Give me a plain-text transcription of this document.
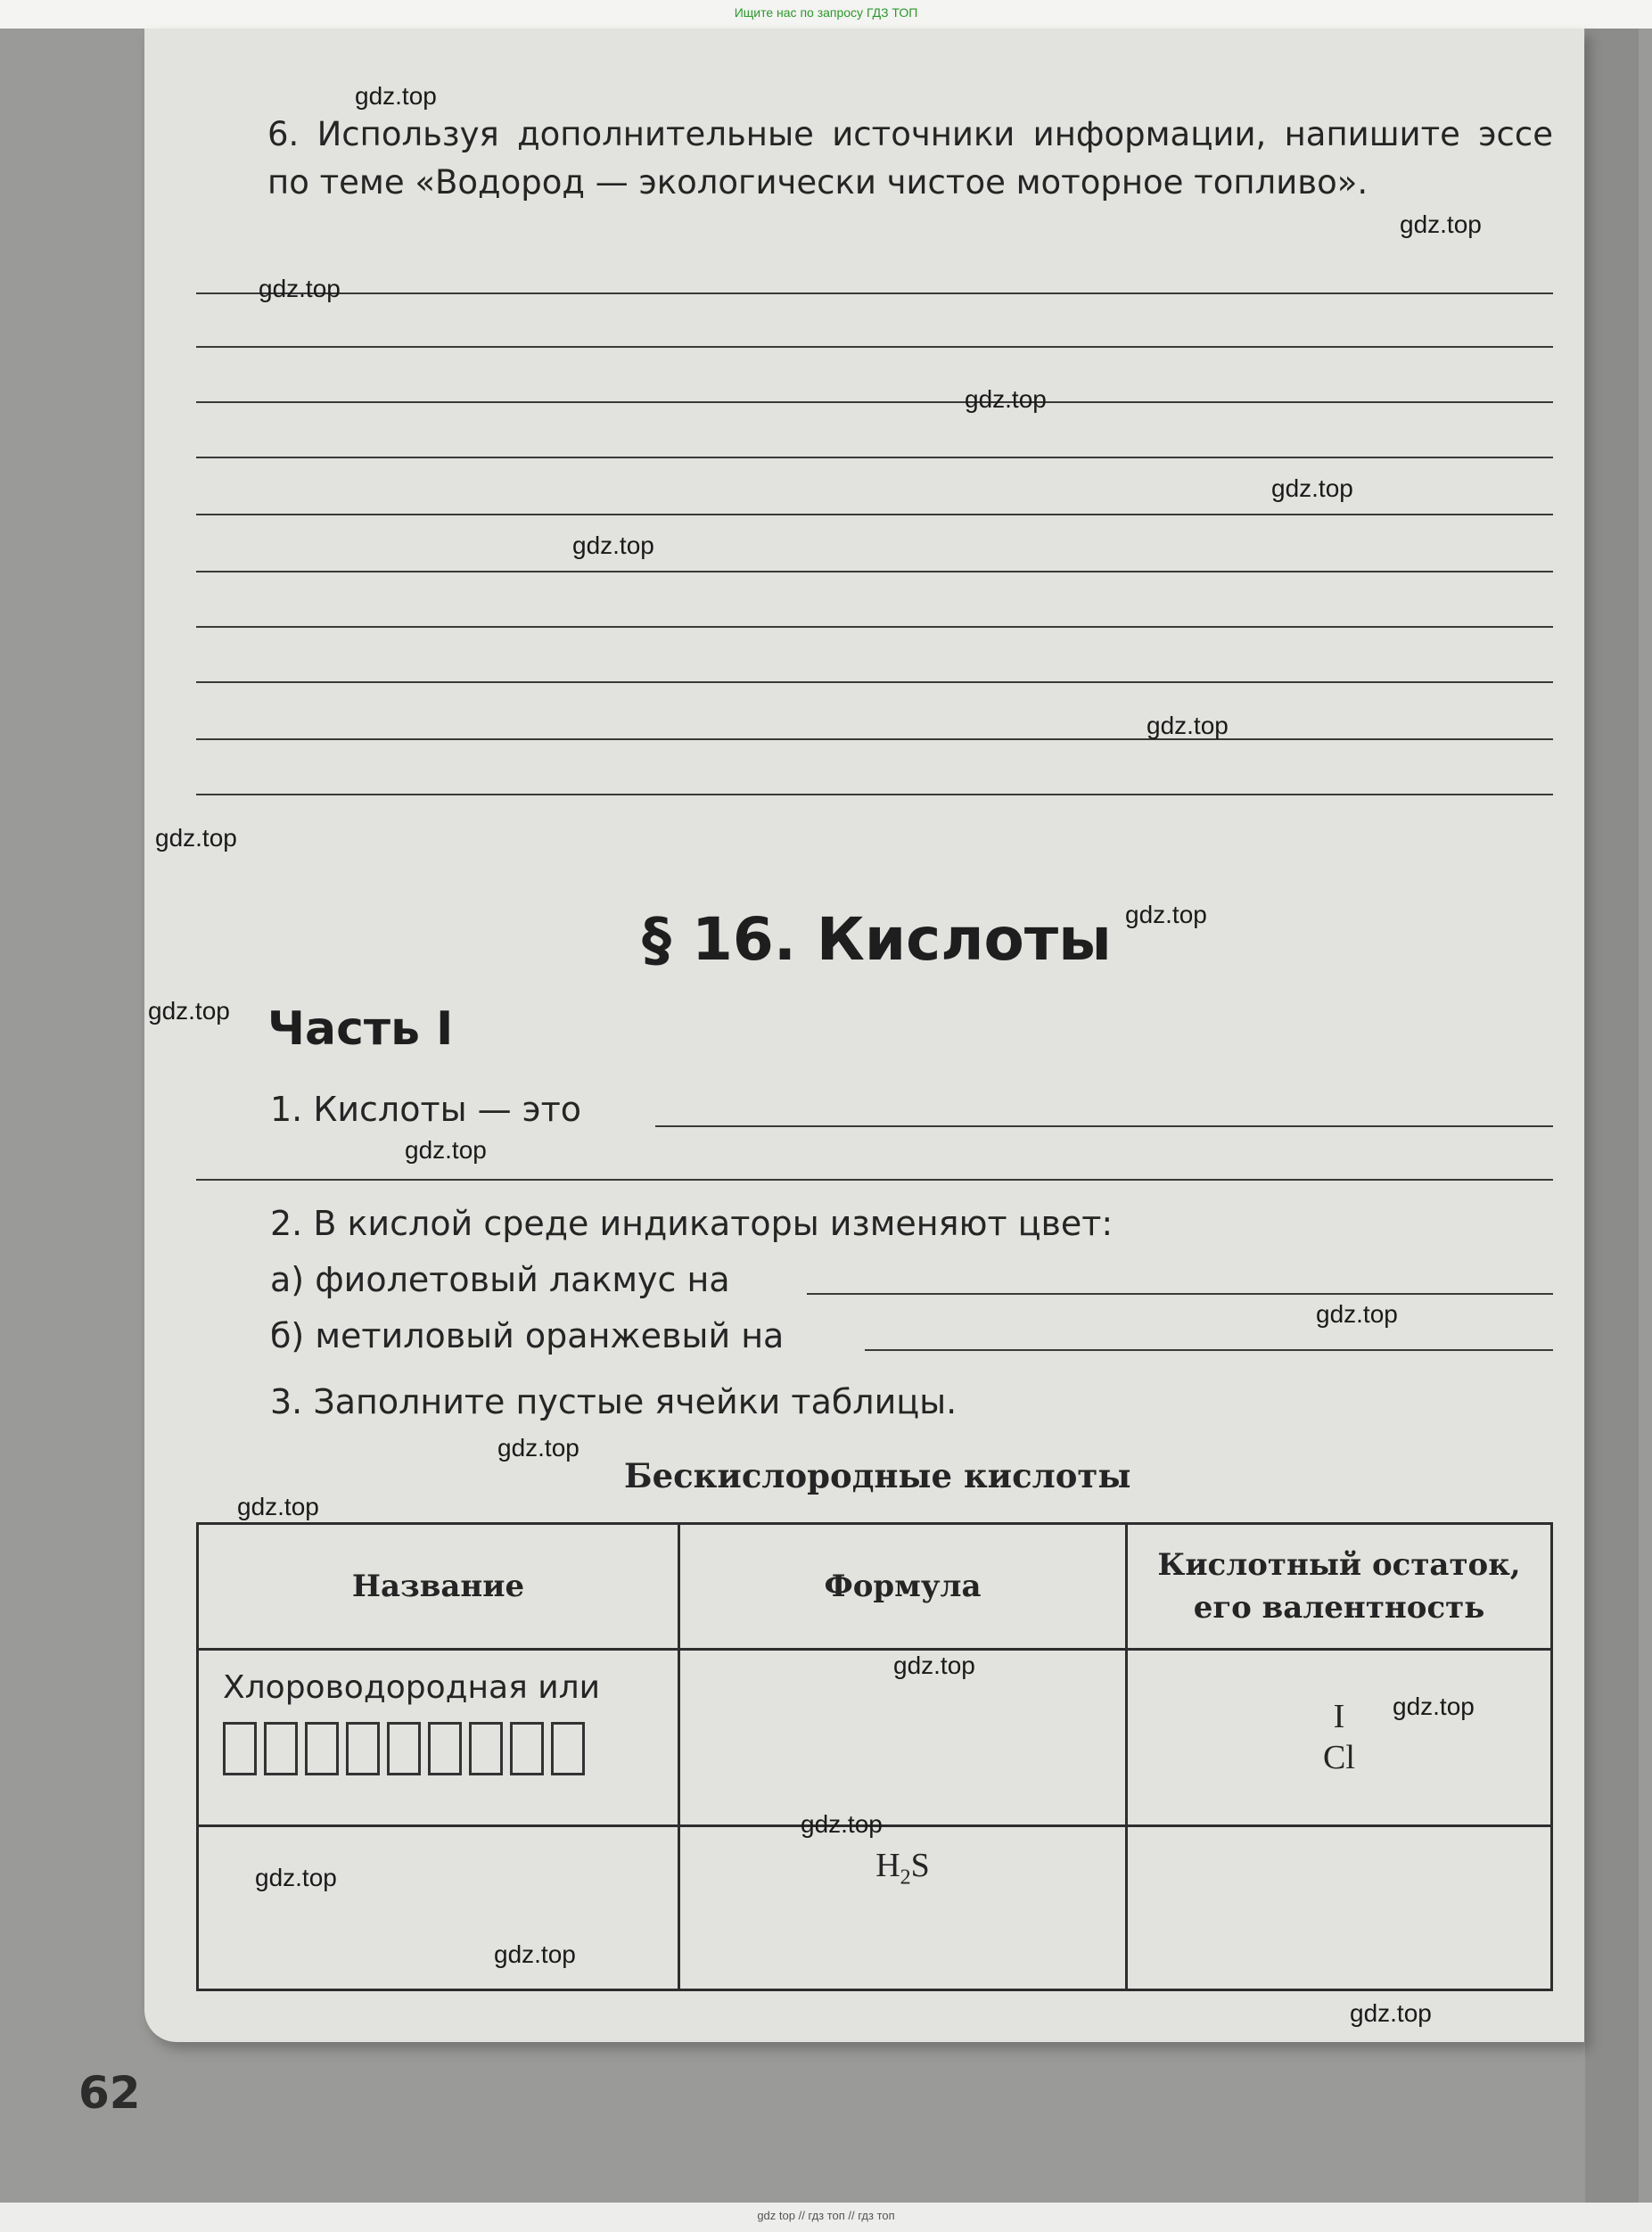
Ищите нас по запросу ГДЗ ТОП
6. Используя дополнительные источники информации, напишите эссе по теме «Водород — экологически чистое моторное топливо».
§ 16. Кислоты
Часть I
1. Кислоты — это
2. В кислой среде индикаторы изменяют цвет:
а) фиолетовый лакмус на
б) метиловый оранжевый на
3. Заполните пустые ячейки таблицы.
Бескислородные кислоты
Название	Формула	Кислотный остаток,
его валентность

Хлороводородная или		I
Cl

	$H_2S$	

62
gdz.top
gdz.top
gdz.top
gdz.top
gdz.top
gdz.top
gdz.top
gdz.top
gdz.top
gdz.top
gdz.top
gdz.top
gdz.top
gdz.top
gdz.top
gdz.top
gdz.top
gdz.top
gdz.top
gdz.top
gdz top // гдз топ // гдз топ
